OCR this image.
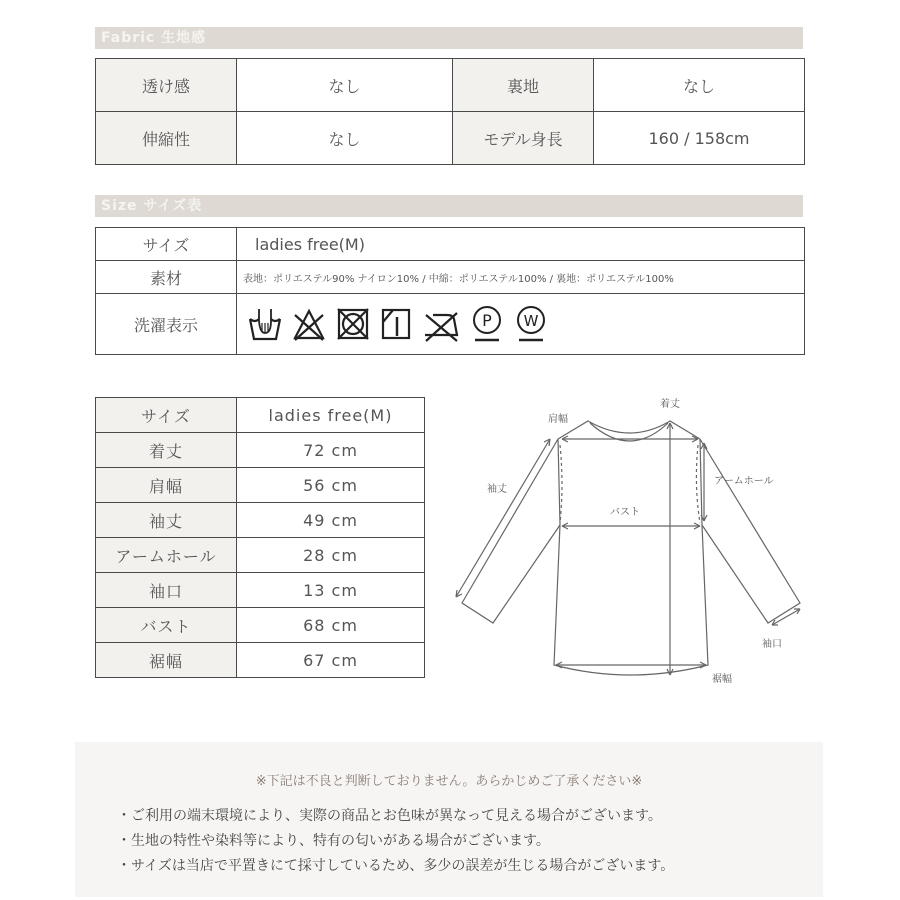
Fabric 生地感
透け感	なし	裏地	なし
伸縮性	なし	モデル身長	160 / 158cm
Size サイズ表
サイズ	ladies free(M)
素材	表地：ポリエステル90% ナイロン10% / 中綿：ポリエステル100% / 裏地：ポリエステル100%
洗濯表示	P W
サイズ	ladies free(M)
着丈	72 cm
肩幅	56 cm
袖丈	49 cm
アームホール	28 cm
袖口	13 cm
バスト	68 cm
裾幅	67 cm
着丈
肩幅
袖丈
アームホール
バスト
袖口
裾幅
※下記は不良と判断しておりません。あらかじめご了承ください※
・ ご利用の端末環境により、実際の商品とお色味が異なって見える場合がございます。
・ 生地の特性や染料等により、特有の匂いがある場合がございます。
・ サイズは当店で平置きにて採寸しているため、多少の誤差が生じる場合がございます。
